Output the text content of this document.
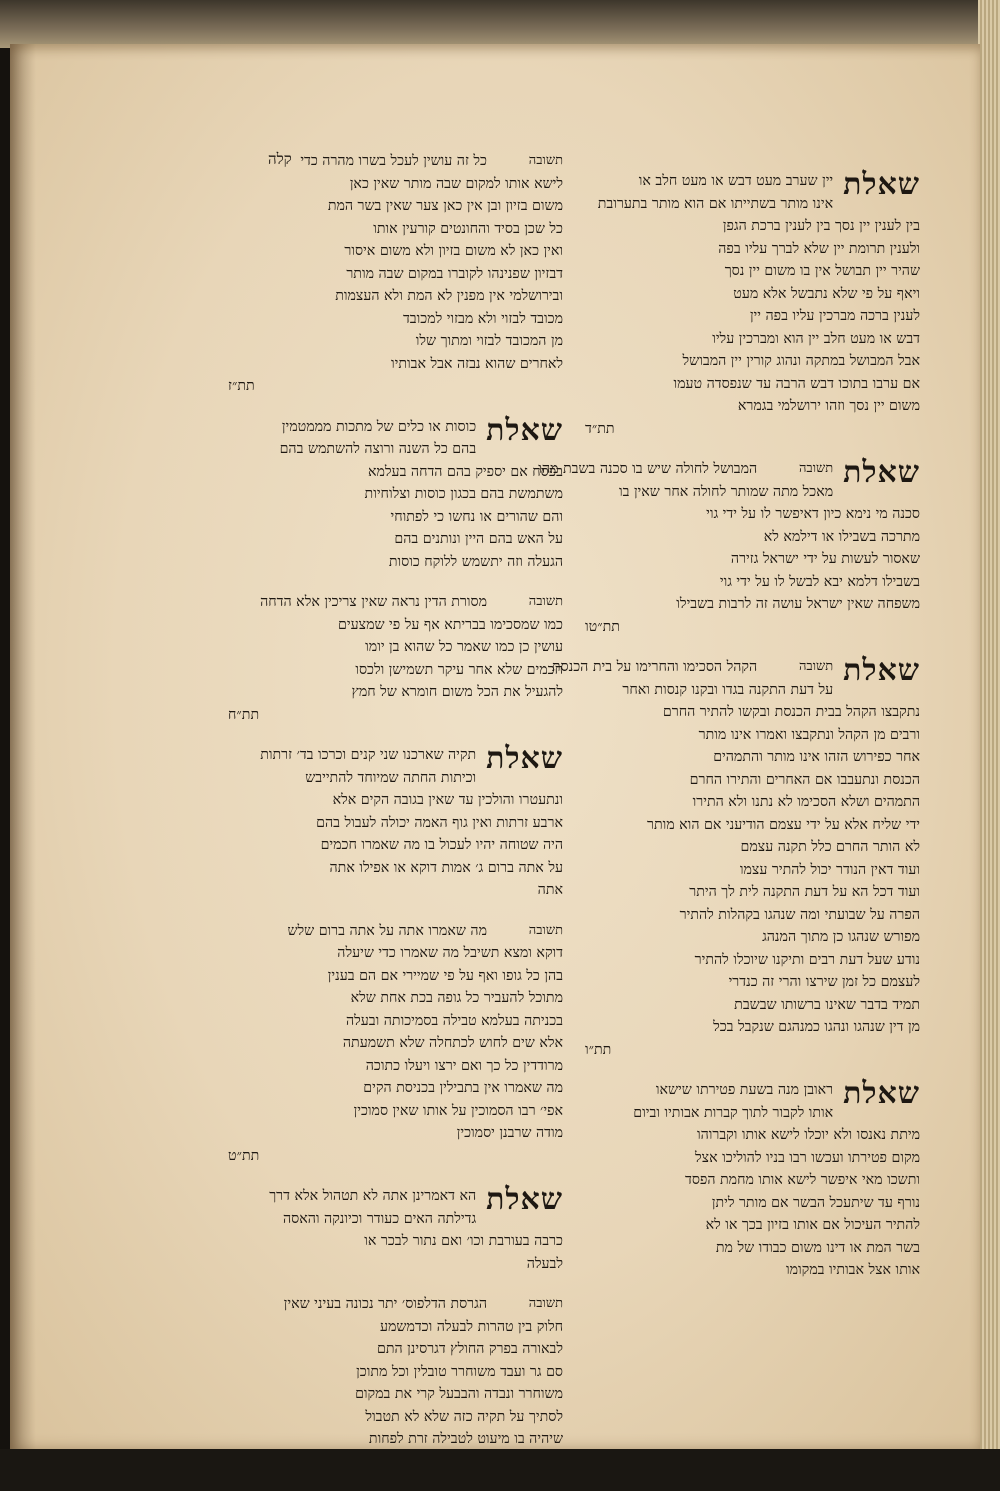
קלה
שאלת
יין שערב מעט דבש או מעט חלב או
אינו מותר בשתייתו אם הוא מותר בתערובת
בין לענין יין נסך בין לענין ברכת הגפן
ולענין תרומת יין שלא לברך עליו בפה
שהיר יין תבושל אין בו משום יין נסך
ויאף על פי שלא נתבשל אלא מעט
לענין ברכה מברכין עליו בפה יין
דבש או מעט חלב יין הוא ומברכין עליו
אבל המבושל במתקה ונהוג קורין יין המבושל
אם ערבו בתוכו דבש הרבה עד שנפסדה טעמו
משום יין נסך וזהו ירושלמי בגמרא
תת״ד
שאלת
תשובה
המבושל לחולה שיש בו סכנה בשבת מהו
מאכל מתה שמותר לחולה אחר שאין בו
סכנה מי נימא כיון דאיפשר לו על ידי גוי
מתרכה בשבילו או דילמא לא
שאסור לעשות על ידי ישראל גזירה
בשבילו דלמא יבא לבשל לו על ידי גוי
משפחה שאין ישראל עושה זה לרבות בשבילו
תת״טו
שאלת
תשובה
הקהל הסכימו והחרימו על בית הכנסת
על דעת התקנה בגדו ובקנו קנסות ואחר
נתקבצו הקהל בבית הכנסת ובקשו להתיר החרם
ורבים מן הקהל ונתקבצו ואמרו אינו מותר
אחר כפירוש הזהו אינו מותר והתמהים
הכנסת ונתעבבו אם האחרים והתירו החרם
התמהים ושלא הסכימו לא נתנו ולא התירו
ידי שליח אלא על ידי עצמם הודיעני אם הוא מותר
לא הותר החרם כלל תקנה עצמם
ועוד דאין הנודר יכול להתיר עצמו
ועוד דכל הא על דעת התקנה לית לך היתר
הפרה על שבועתי ומה שנהגו בקהלות להתיר
מפורש שנהגו כן מתוך המנהג
נודע שעל דעת רבים ותיקנו שיוכלו להתיר
לעצמם כל זמן שירצו והרי זה כנדרי
תמיד בדבר שאינו ברשותו שבשבת
מן דין שנהגו ונהגו כמנהגם שנקבל בכל
תת״ו
שאלת
ראובן מנה בשעת פטירתו שישאו
אותו לקבור לתוך קברות אבותיו וביום
מיתת נאנסו ולא יוכלו לישא אותו וקברוהו
מקום פטירתו ועכשו רבו בניו להוליכו אצל
ותשכו מאי איפשר לישא אותו מחמת הפסד
נורף עד שיתעכל הבשר אם מותר ליתן
להתיר העיכול אם אותו בזיון בכך או לא
בשר המת או דינו משום כבודו של מת
אותו אצל אבותיו במקומו
תשובה
כל זה עושין לעכל בשרו מהרה כדי
לישא אותו למקום שבה מותר שאין כאן
משום בזיון ובן אין כאן צער שאין בשר המת
כל שכן בסיד והחונטים קורעין אותו
ואין כאן לא משום בזיון ולא משום איסור
דבזיון שפנינהו לקוברו במקום שבה מותר
ובירושלמי אין מפנין לא המת ולא העצמות
מכובד לבזוי ולא מבזוי למכובד
מן המכובד לבזוי ומתוך שלו
לאחרים שהוא נבזה אבל אבותיו
תת״ז
שאלת
כוסות או כלים של מתכות מממטמין
בהם כל השנה ורוצה להשתמש בהם
בפסח אם יספיק בהם הדחה בעלמא
משתמשת בהם בכגון כוסות וצלוחיות
והם שהורים או נחשו כי לפתוחי
על האש בהם היין ונותנים בהם
הגעלה וזה יתשמש ללוקח כוסות
תשובה
מסורת הדין נראה שאין צריכין אלא הדחה
כמו שמסכימו בבריתא אף על פי שמצעים
עושין כן כמו שאמר כל שהוא בן יומו
חכמים שלא אחר עיקר תשמישן ולכסו
להגעיל את הכל משום חומרא של חמץ
תת״ח
שאלת
תקיה שארכנו שני קנים וכרכו בד׳ זרתות
וכיתות החתה שמיוחד להתייבש
ונתעטרו והולכין עד שאין בגובה הקים אלא
ארבע זרתות ואין גוף האמה יכולה לעבול בהם
היה שטוחה יהיו לעכול בו מה שאמרו חכמים
על אתה ברום ג׳ אמות דוקא או אפילו אתה
אתה
תשובה
מה שאמרו אתה על אתה ברום שלש
דוקא ומצא תשיבל מה שאמרו כדי שיעלה
בהן כל גופו ואף על פי שמיירי אם הם בענין
מתוכל להעביר כל גופה בכת אחת שלא
בכניתה בעלמא טבילה בסמיכותה ובעלה
אלא שים לחוש לכתחלה שלא תשמעתה
מרודדין כל כך ואם ירצו ויעלו כתוכה
מה שאמרו אין בתבילין בכניסת הקים
אפי׳ רבו הסמוכין על אותו שאין סמוכין
מודה שרבנן יסמוכין
תת״ט
שאלת
הא דאמרינן אתה לא תטהול אלא דרך
גדילתה האים כעודר וכיונקה והאסה
כרבה בעורבת וכו׳ ואם נתור לבכר או
לבעלה
תשובה
הגרסת הדלפוס׳ יתר נכונה בעיני שאין
חלוק בין טהרות לבעלה וכדמשמע
לבאורה בפרק החולץ דגרסינן התם
סם גר ועבד משוחרר טובלין וכל מתוכן
משוחרר ונבדה והבבעל קרי את במקום
לסתיך על תקיה כזה שלא לא תטבול
שיהיה בו מיעוט לטבילה זרת לפחות
